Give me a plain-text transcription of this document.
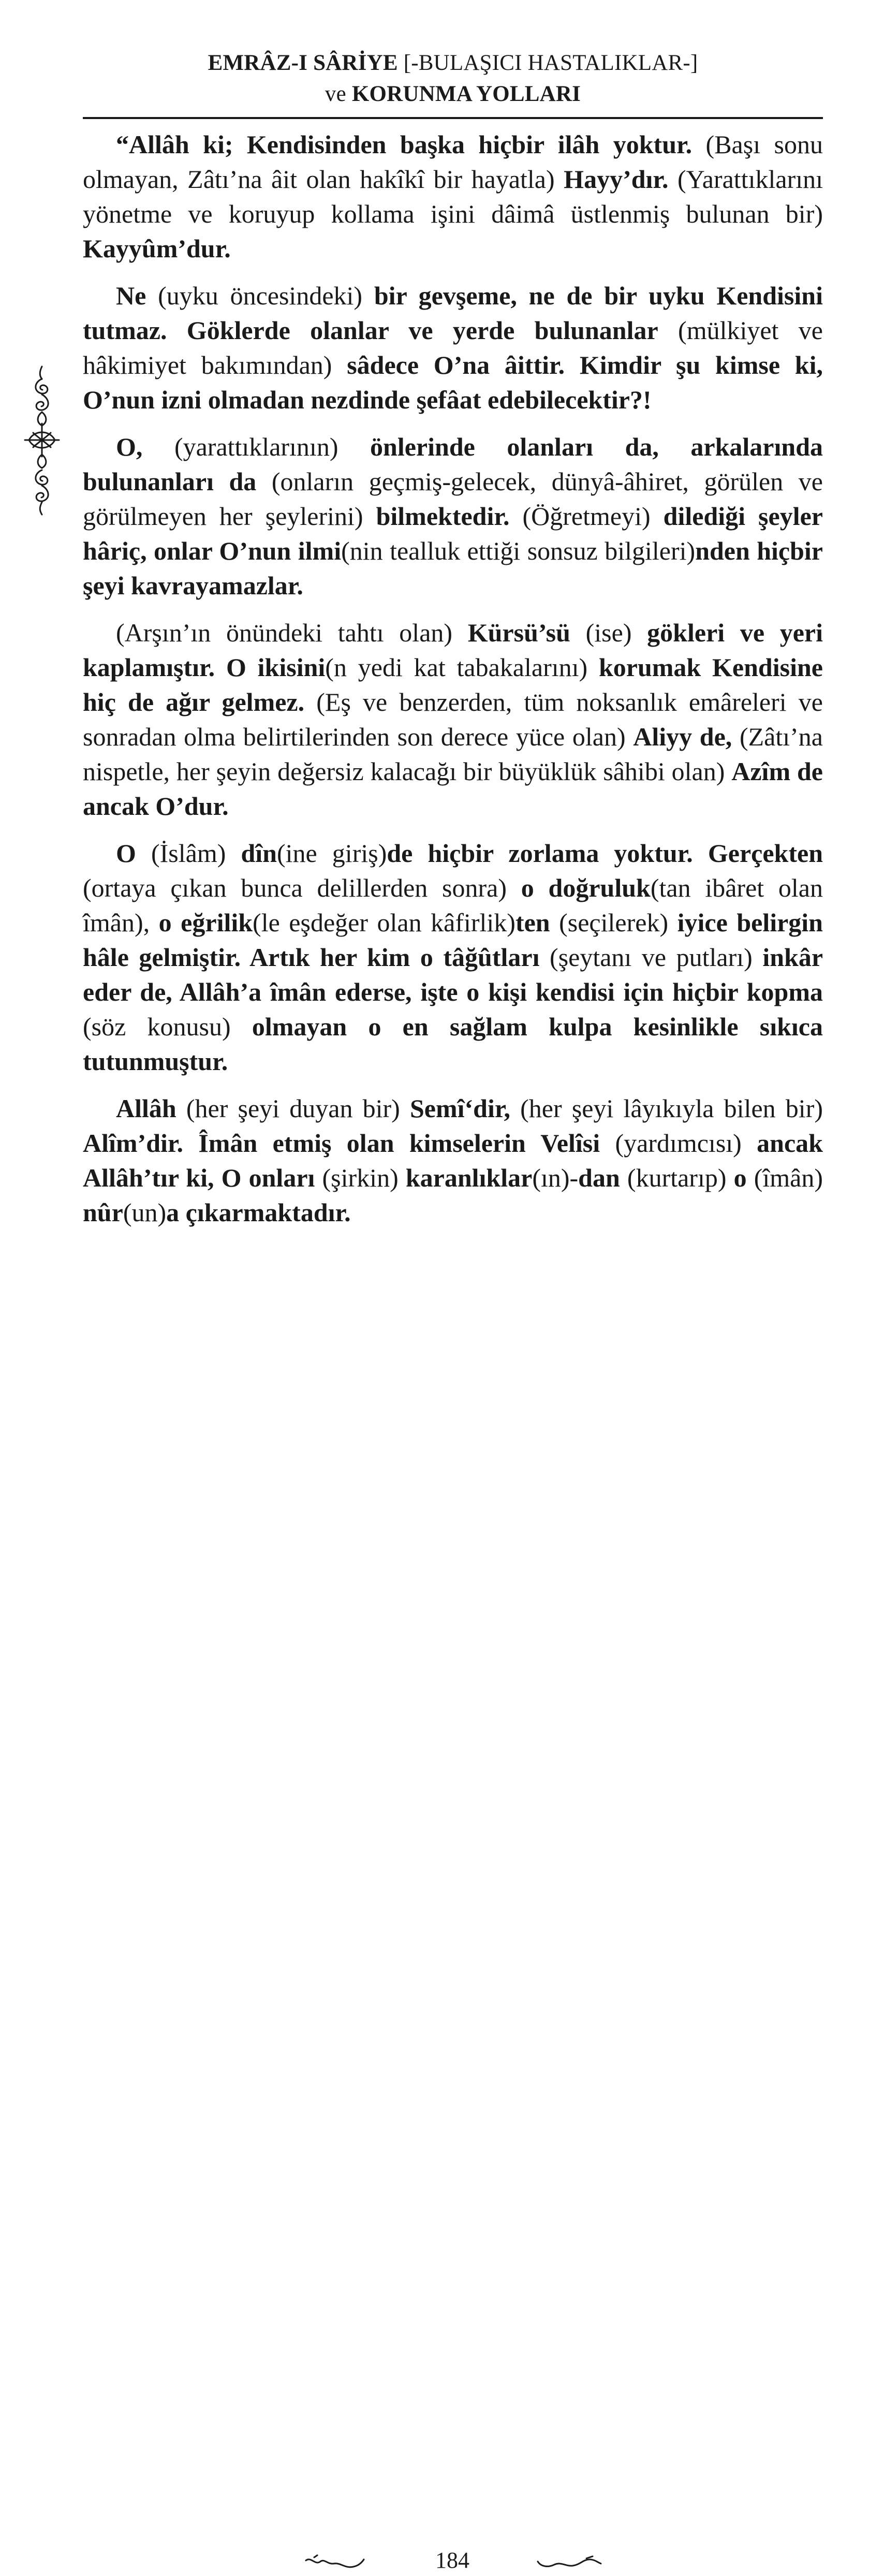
EMRÂZ-I SÂRİYE [-BULAŞICI HASTALIKLAR-]
ve KORUNMA YOLLARI

“Allâh ki; Kendisinden başka hiçbir ilâh yoktur. (Başı sonu olmayan, Zâtı’na âit olan hakîkî bir hayatla) Hayy’dır. (Yarattıklarını yönetme ve koruyup kollama işini dâimâ üstlenmiş bulunan bir) Kayyûm’dur.

Ne (uyku öncesindeki) bir gevşeme, ne de bir uyku Kendisini tutmaz. Göklerde olanlar ve yerde bulunanlar (mülkiyet ve hâkimiyet bakımından) sâdece O’na âittir. Kimdir şu kimse ki, O’nun izni olmadan nezdinde şefâat edebilecektir?!

O, (yarattıklarının) önlerinde olanları da, arkalarında bulunanları da (onların geçmiş-gelecek, dünyâ-âhiret, görülen ve görülmeyen her şeylerini) bilmektedir. (Öğretmeyi) dilediği şeyler hâriç, onlar O’nun ilmi(nin tealluk ettiği sonsuz bilgileri)nden hiçbir şeyi kavrayamazlar.

(Arşın’ın önündeki tahtı olan) Kürsü’sü (ise) gökleri ve yeri kaplamıştır. O ikisini(n yedi kat tabakalarını) korumak Kendisine hiç de ağır gelmez. (Eş ve benzerden, tüm noksanlık emâreleri ve sonradan olma belirtilerinden son derece yüce olan) Aliyy de, (Zâtı’na nispetle, her şeyin değersiz kalacağı bir büyüklük sâhibi olan) Azîm de ancak O’dur.

O (İslâm) dîn(ine giriş)de hiçbir zorlama yoktur. Gerçekten (ortaya çıkan bunca delillerden sonra) o doğruluk(tan ibâret olan îmân), o eğrilik(le eşdeğer olan kâfirlik)ten (seçilerek) iyice belirgin hâle gelmiştir. Artık her kim o tâğûtları (şeytanı ve putları) inkâr eder de, Allâh’a îmân ederse, işte o kişi kendisi için hiçbir kopma (söz konusu) olmayan o en sağlam kulpa kesinlikle sıkıca tutunmuştur.

Allâh (her şeyi duyan bir) Semî‘dir, (her şeyi lâyıkıyla bilen bir) Alîm’dir. Îmân etmiş olan kimselerin Velîsi (yardımcısı) ancak Allâh’tır ki, O onları (şirkin) karanlıklar(ın)-dan (kurtarıp) o (îmân) nûr(un)a çıkarmaktadır.

184
